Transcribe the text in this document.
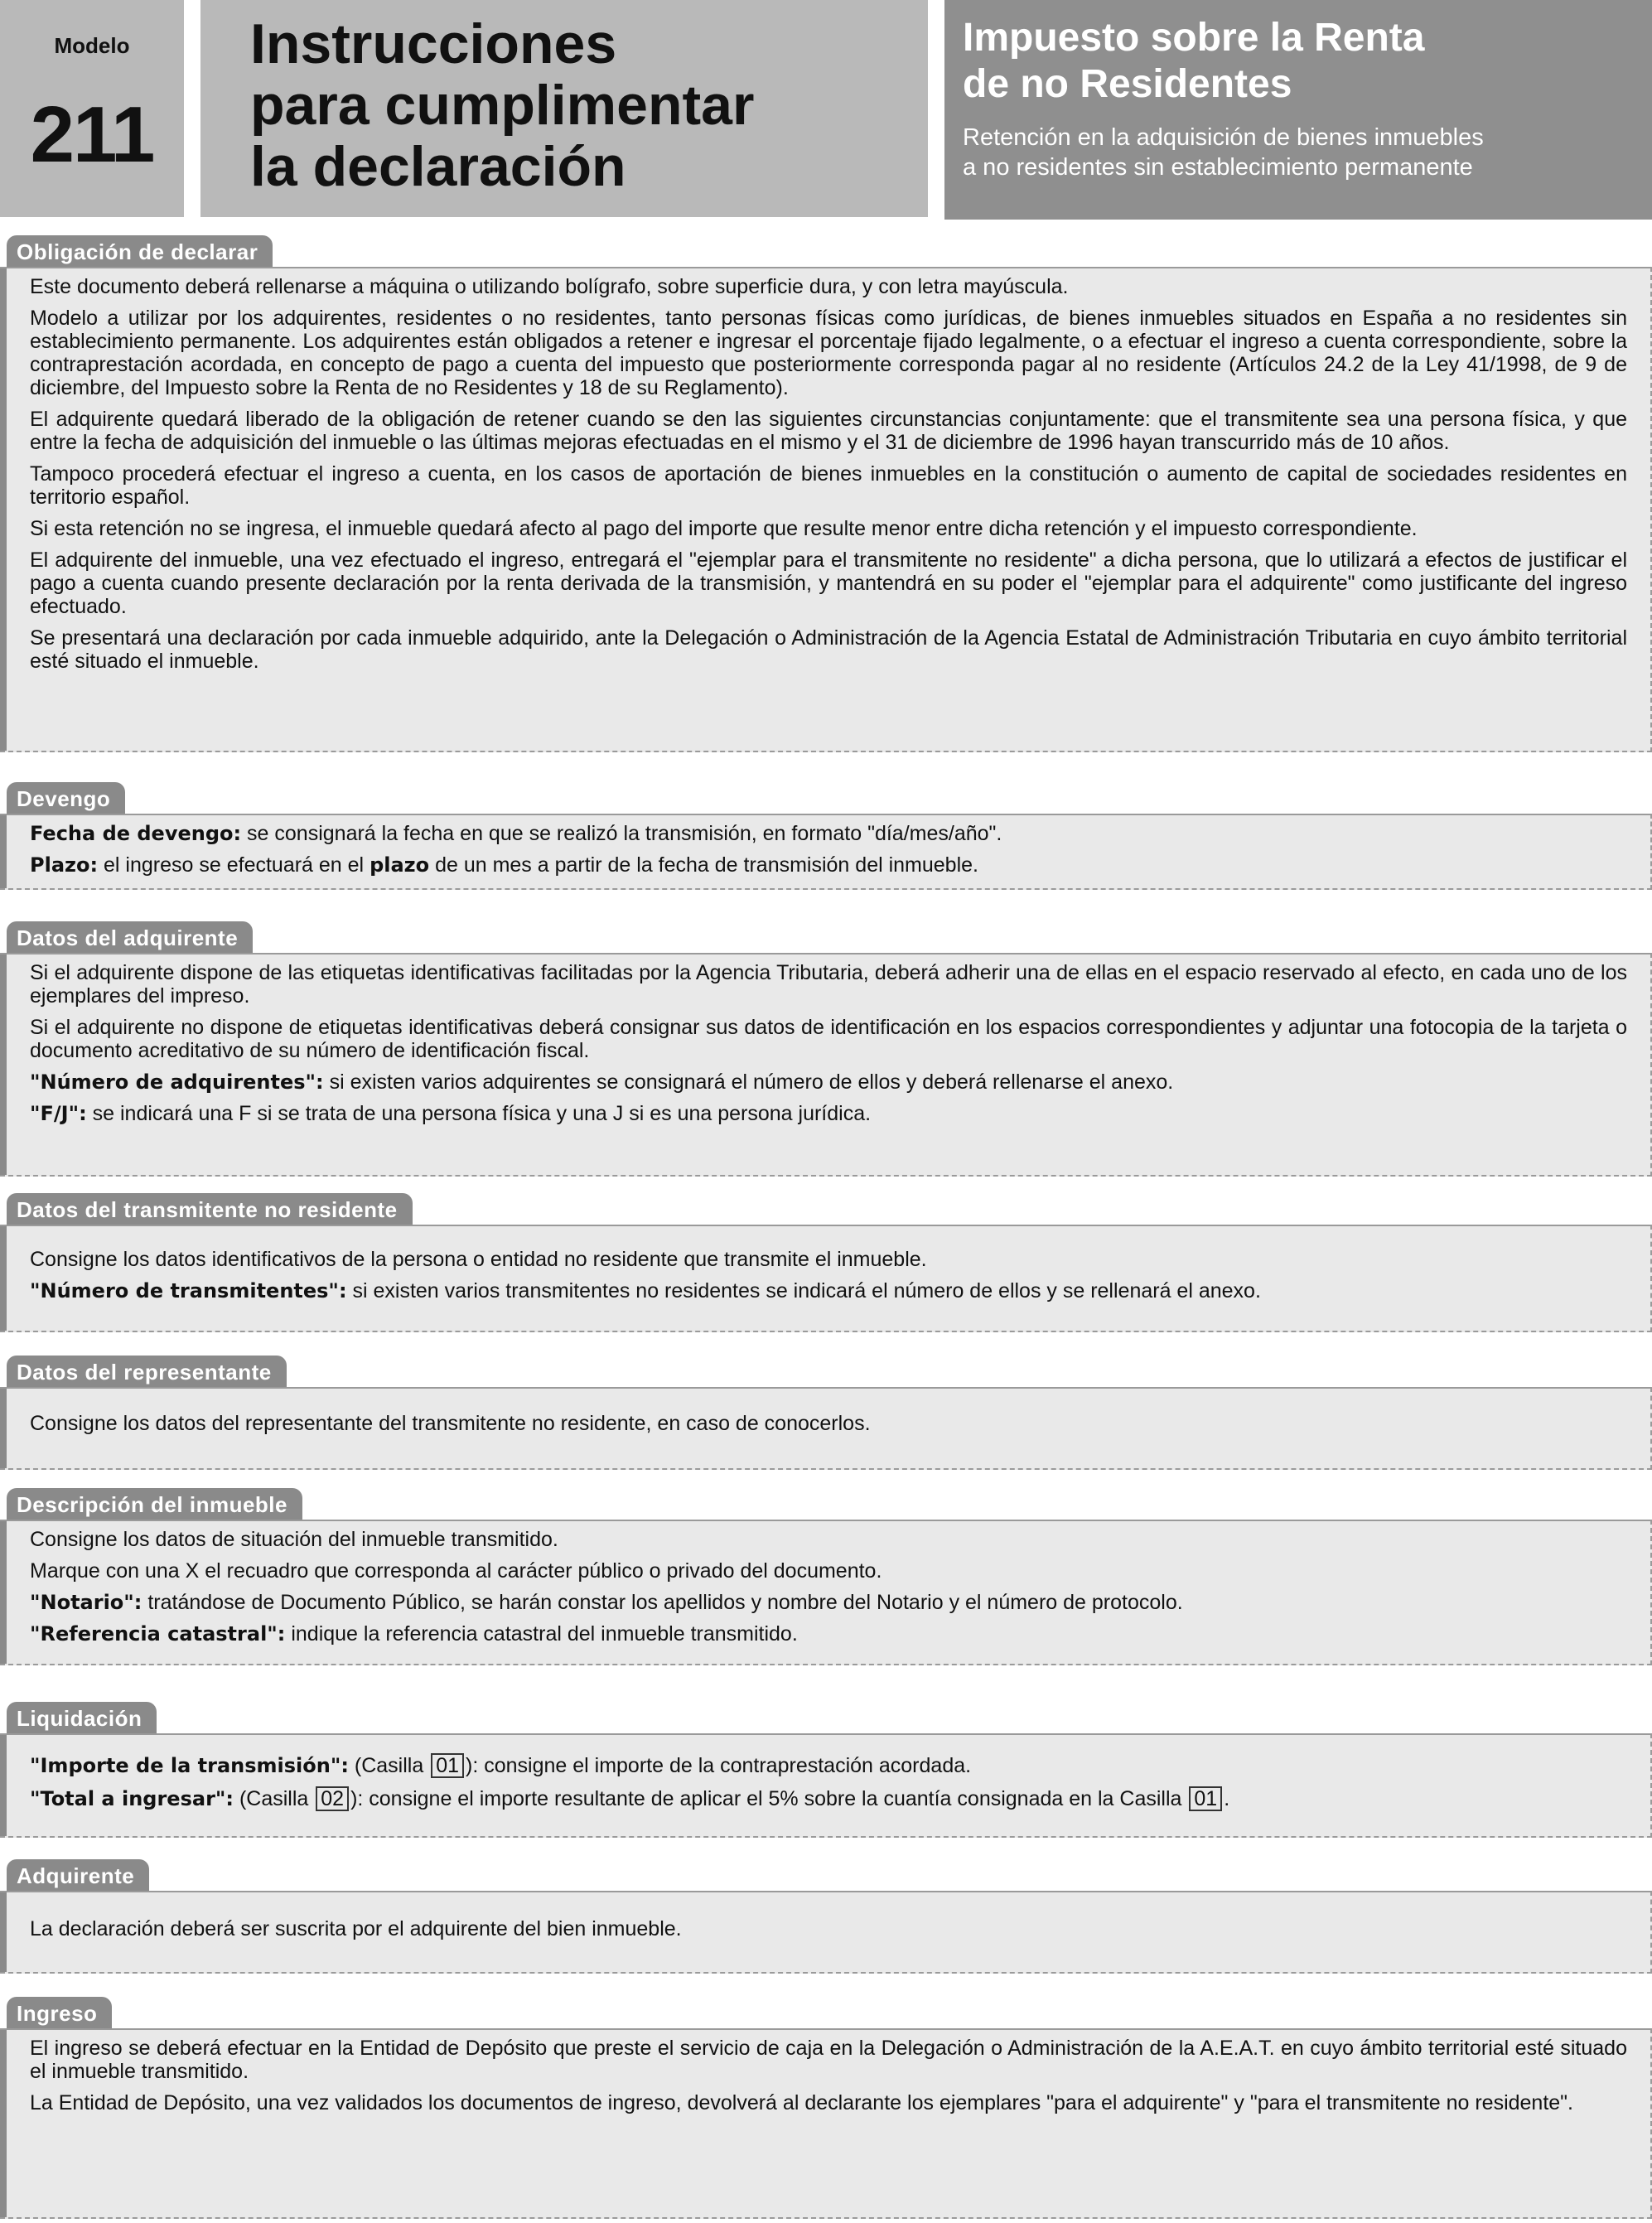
Modelo
211
Instrucciones
para cumplimentar
la declaración
Impuesto sobre la Renta
de no Residentes
Retención en la adquisición de bienes inmuebles
a no residentes sin establecimiento permanente
Obligación de declarar

Este documento deberá rellenarse a máquina o utilizando bolígrafo, sobre superficie dura, y con letra mayúscula.

Modelo a utilizar por los adquirentes, residentes o no residentes, tanto personas físicas como jurídicas, de bienes inmuebles situados en España a no residentes sin establecimiento permanente. Los adquirentes están obligados a retener e ingresar el porcentaje fijado legalmente, o a efectuar el ingreso a cuenta correspondiente, sobre la contraprestación acordada, en concepto de pago a cuenta del impuesto que posteriormente corresponda pagar al no residente (Artículos 24.2 de la Ley 41/1998, de 9 de diciembre, del Impuesto sobre la Renta de no Residentes y 18 de su Reglamento).

El adquirente quedará liberado de la obligación de retener cuando se den las siguientes circunstancias conjuntamente: que el transmitente sea una persona física, y que entre la fecha de adquisición del inmueble o las últimas mejoras efectuadas en el mismo y el 31 de diciembre de 1996 hayan transcurrido más de 10 años.

Tampoco procederá efectuar el ingreso a cuenta, en los casos de aportación de bienes inmuebles en la constitución o aumento de capital de sociedades residentes en territorio español.

Si esta retención no se ingresa, el inmueble quedará afecto al pago del importe que resulte menor entre dicha retención y el impuesto correspondiente.

El adquirente del inmueble, una vez efectuado el ingreso, entregará el "ejemplar para el transmitente no residente" a dicha persona, que lo utilizará a efectos de justificar el pago a cuenta cuando presente declaración por la renta derivada de la transmisión, y mantendrá en su poder el "ejemplar para el adquirente" como justificante del ingreso efectuado.

Se presentará una declaración por cada inmueble adquirido, ante la Delegación o Administración de la Agencia Estatal de Administración Tributaria en cuyo ámbito territorial esté situado el inmueble.

Devengo
Fecha de devengo: se consignará la fecha en que se realizó la transmisión, en formato "día/mes/año".
Plazo: el ingreso se efectuará en el plazo de un mes a partir de la fecha de transmisión del inmueble.
Datos del adquirente

Si el adquirente dispone de las etiquetas identificativas facilitadas por la Agencia Tributaria, deberá adherir una de ellas en el espacio reservado al efecto, en cada uno de los ejemplares del impreso.

Si el adquirente no dispone de etiquetas identificativas deberá consignar sus datos de identificación en los espacios correspondientes y adjuntar una fotocopia de la tarjeta o documento acreditativo de su número de identificación fiscal.

"Número de adquirentes": si existen varios adquirentes se consignará el número de ellos y deberá rellenarse el anexo.
"F/J": se indicará una F si se trata de una persona física y una J si es una persona jurídica.
Datos del transmitente no residente

Consigne los datos identificativos de la persona o entidad no residente que transmite el inmueble.

"Número de transmitentes": si existen varios transmitentes no residentes se indicará el número de ellos y se rellenará el anexo.
Datos del representante

Consigne los datos del representante del transmitente no residente, en caso de conocerlos.

Descripción del inmueble

Consigne los datos de situación del inmueble transmitido.

Marque con una X el recuadro que corresponda al carácter público o privado del documento.

"Notario": tratándose de Documento Público, se harán constar los apellidos y nombre del Notario y el número de protocolo.
"Referencia catastral": indique la referencia catastral del inmueble transmitido.
Liquidación
"Importe de la transmisión": (Casilla 01 ): consigne el importe de la contraprestación acordada.
"Total a ingresar": (Casilla 02 ): consigne el importe resultante de aplicar el 5% sobre la cuantía consignada en la Casilla 01 .
Adquirente

La declaración deberá ser suscrita por el adquirente del bien inmueble.

Ingreso

El ingreso se deberá efectuar en la Entidad de Depósito que preste el servicio de caja en la Delegación o Administración de la A.E.A.T. en cuyo ámbito territorial esté situado el inmueble transmitido.

La Entidad de Depósito, una vez validados los documentos de ingreso, devolverá al declarante los ejemplares "para el adquirente" y "para el transmitente no residente".
